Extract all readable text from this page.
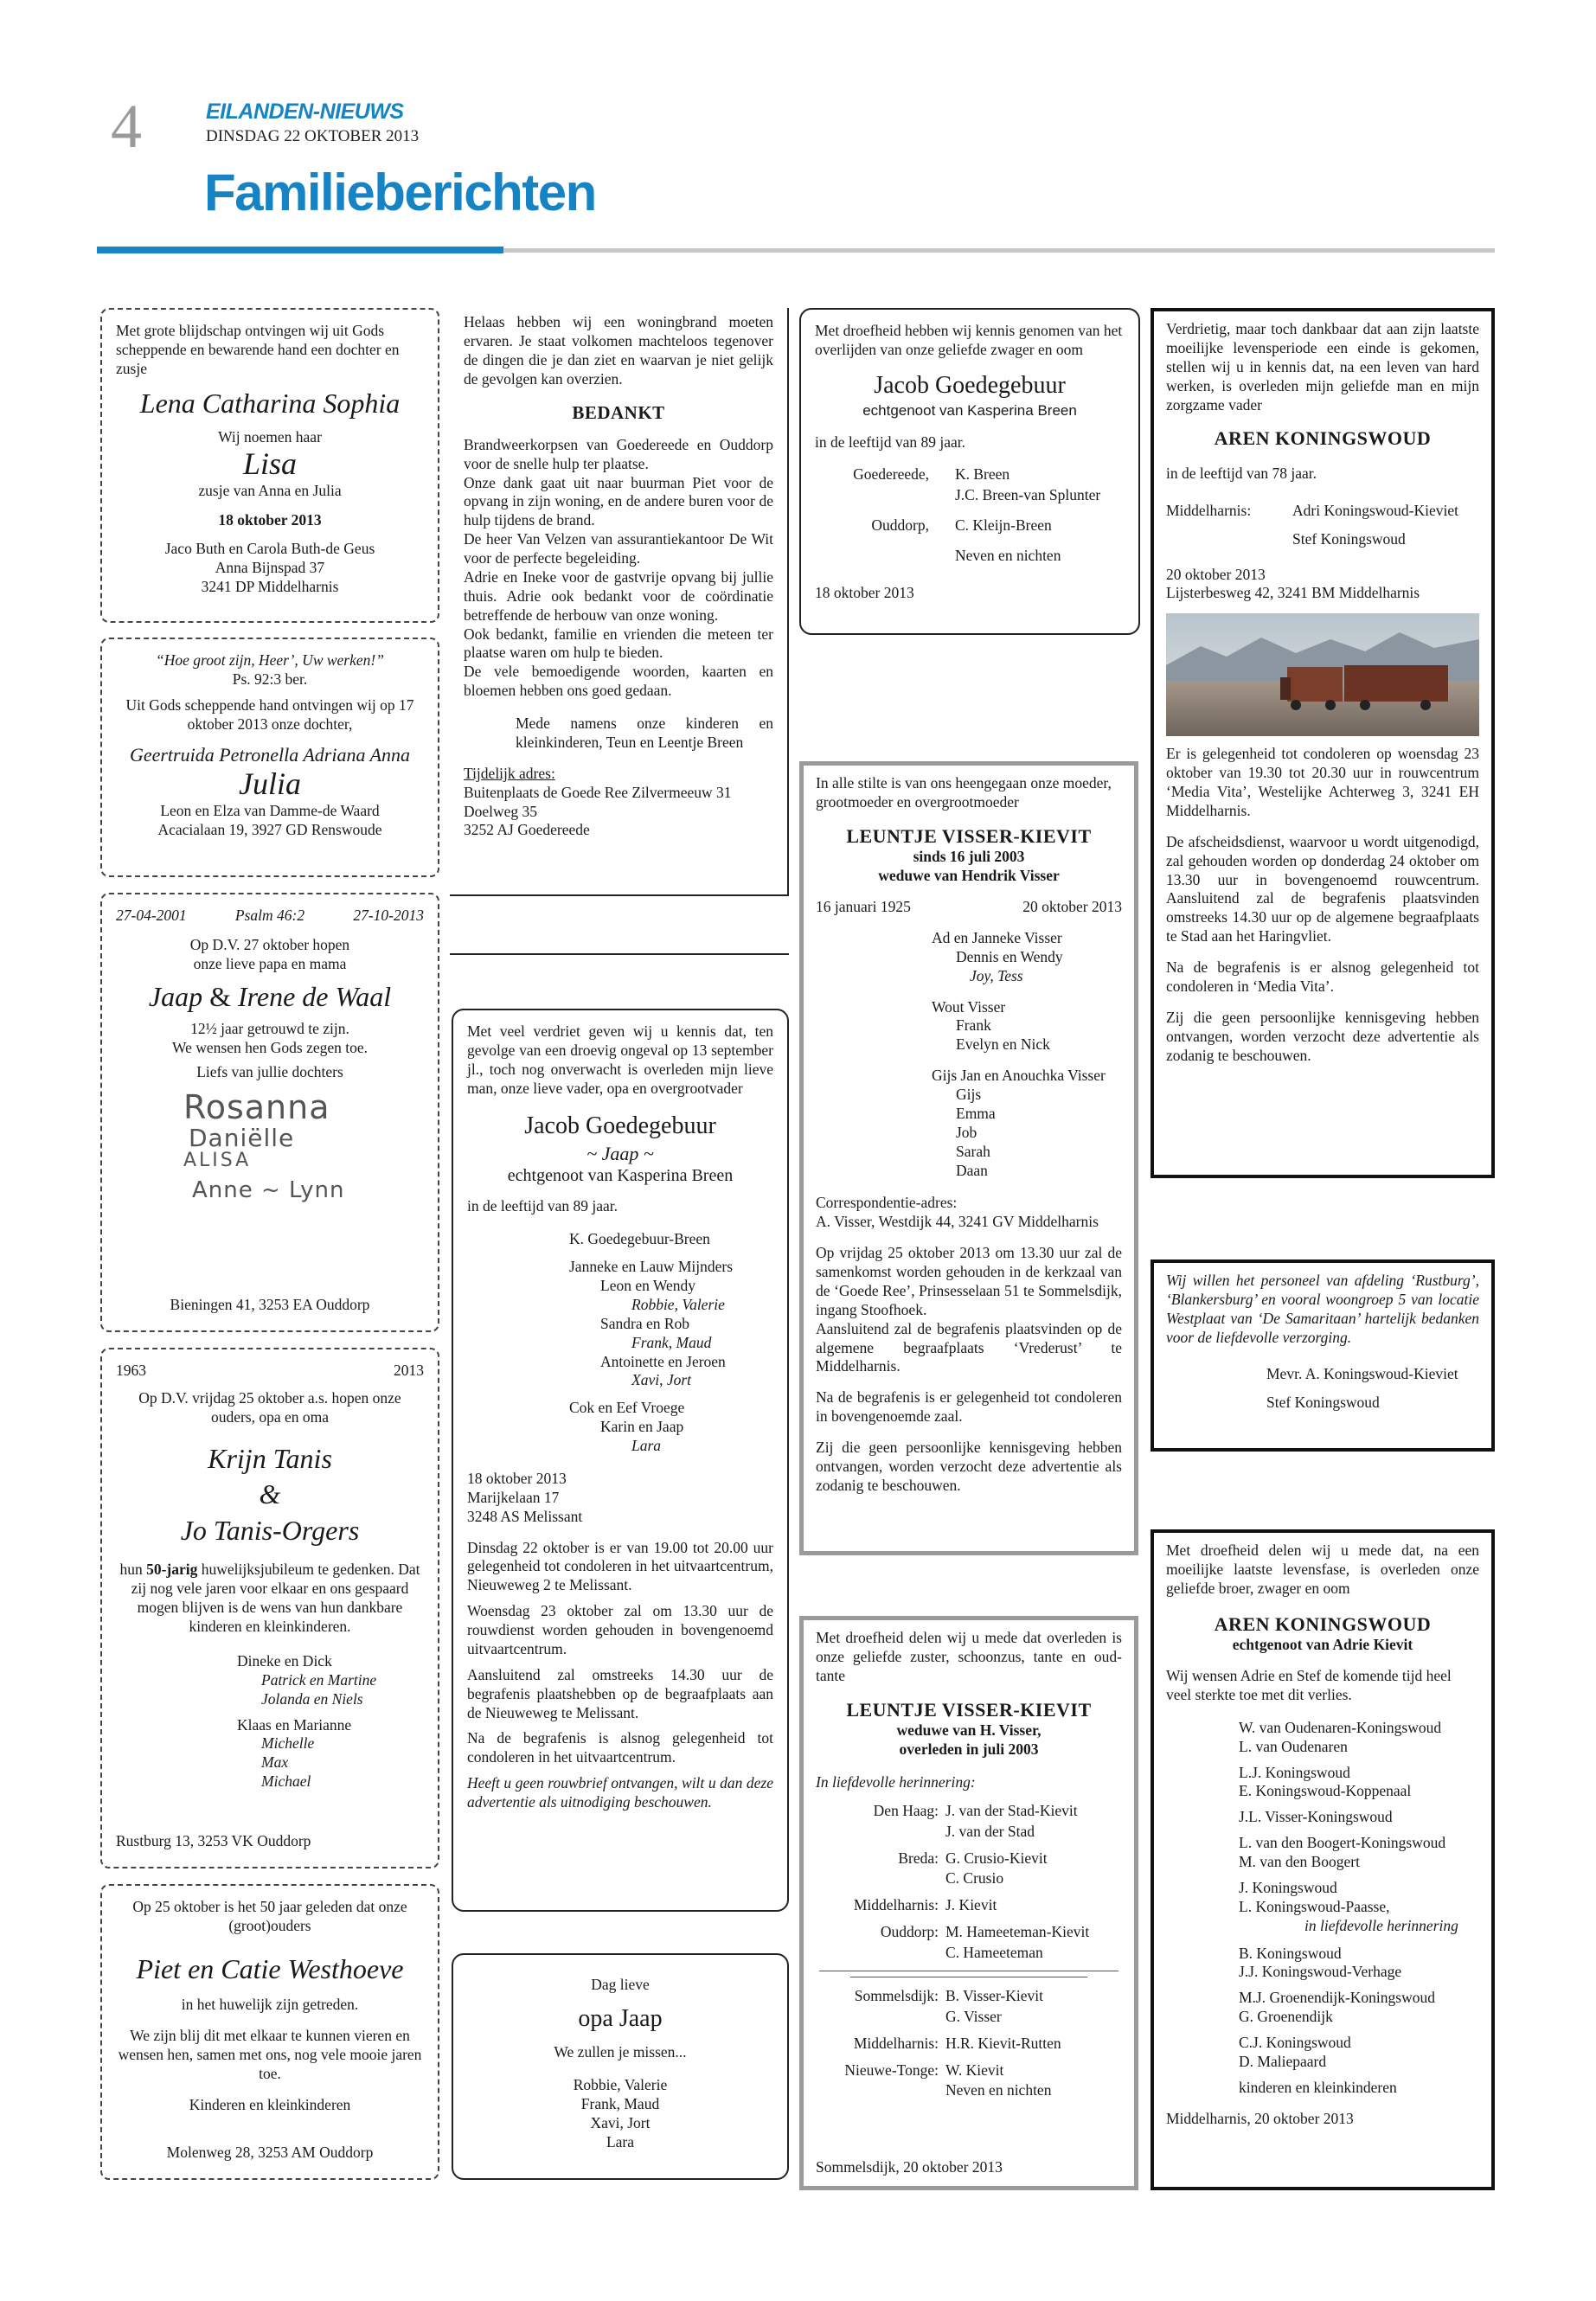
4	EILANDEN-NIEUWS
DINSDAG 22 OKTOBER 2013
Familieberichten
Met grote blijdschap ontvingen wij uit Gods scheppende en bewarende hand een dochter en zusje
Lena Catharina Sophia
Wij noemen haar
Lisa
zusje van Anna en Julia
18 oktober 2013
Jaco Buth en Carola Buth-de Geus
Anna Bijnspad 37
3241 DP Middelharnis
“Hoe groot zijn, Heer’, Uw werken!”
Ps. 92:3 ber.
Uit Gods scheppende hand ontvingen wij op 17 oktober 2013 onze dochter,
Geertruida Petronella Adriana Anna
Julia
Leon en Elza van Damme-de Waard
Acacialaan 19, 3927 GD Renswoude
27-04-2001	Psalm 46:2	27-10-2013
Op D.V. 27 oktober hopen
onze lieve papa en mama
Jaap & Irene de Waal
12½ jaar getrouwd te zijn.
We wensen hen Gods zegen toe.
Liefs van jullie dochters
Rosanna
Daniëlle
ALISA
Anne ~ Lynn
Bieningen 41, 3253 EA Ouddorp
1963	2013
Op D.V. vrijdag 25 oktober a.s. hopen onze ouders, opa en oma
Krijn Tanis
&
Jo Tanis-Orgers
hun 50-jarig huwelijksjubileum te gedenken. Dat zij nog vele jaren voor elkaar en ons gespaard mogen blijven is de wens van hun dankbare kinderen en kleinkinderen.
Dineke en Dick
Patrick en Martine
Jolanda en Niels
Klaas en Marianne
Michelle
Max
Michael
Rustburg 13, 3253 VK Ouddorp
Op 25 oktober is het 50 jaar geleden dat onze (groot)ouders
Piet en Catie Westhoeve
in het huwelijk zijn getreden.
We zijn blij dit met elkaar te kunnen vieren en wensen hen, samen met ons, nog vele mooie jaren toe.
Kinderen en kleinkinderen
Molenweg 28, 3253 AM Ouddorp
Helaas hebben wij een woningbrand moeten ervaren. Je staat volkomen machteloos tegenover de dingen die je dan ziet en waarvan je niet gelijk de gevolgen kan overzien.
BEDANKT
Brandweerkorpsen van Goedereede en Ouddorp voor de snelle hulp ter plaatse.
Onze dank gaat uit naar buurman Piet voor de opvang in zijn woning, en de andere buren voor de hulp tijdens de brand.
De heer Van Velzen van assurantiekantoor De Wit voor de perfecte begeleiding.
Adrie en Ineke voor de gastvrije opvang bij jullie thuis. Adrie ook bedankt voor de coördinatie betreffende de herbouw van onze woning.
Ook bedankt, familie en vrienden die meteen ter plaatse waren om hulp te bieden.
De vele bemoedigende woorden, kaarten en bloemen hebben ons goed gedaan.
Mede namens onze kinderen en kleinkinderen, Teun en Leentje Breen
Tijdelijk adres:
Buitenplaats de Goede Ree Zilvermeeuw 31
Doelweg 35
3252 AJ Goedereede
Met veel verdriet geven wij u kennis dat, ten gevolge van een droevig ongeval op 13 september jl., toch nog onverwacht is overleden mijn lieve man, onze lieve vader, opa en overgrootvader
Jacob Goedegebuur
~ Jaap ~
echtgenoot van Kasperina Breen
in de leeftijd van 89 jaar.
K. Goedegebuur-Breen
Janneke en Lauw Mijnders
Leon en Wendy
Robbie, Valerie
Sandra en Rob
Frank, Maud
Antoinette en Jeroen
Xavi, Jort
Cok en Eef Vroege
Karin en Jaap
Lara
18 oktober 2013
Marijkelaan 17
3248 AS Melissant
Dinsdag 22 oktober is er van 19.00 tot 20.00 uur gelegenheid tot condoleren in het uitvaartcentrum, Nieuweweg 2 te Melissant.
Woensdag 23 oktober zal om 13.30 uur de rouwdienst worden gehouden in bovengenoemd uitvaartcentrum.
Aansluitend zal omstreeks 14.30 uur de begrafenis plaatshebben op de begraafplaats aan de Nieuweweg te Melissant.
Na de begrafenis is alsnog gelegenheid tot condoleren in het uitvaartcentrum.
Heeft u geen rouwbrief ontvangen, wilt u dan deze advertentie als uitnodiging beschouwen.
Dag lieve
opa Jaap
We zullen je missen...
Robbie, Valerie
Frank, Maud
Xavi, Jort
Lara
Met droefheid hebben wij kennis genomen van het overlijden van onze geliefde zwager en oom
Jacob Goedegebuur
echtgenoot van Kasperina Breen
in de leeftijd van 89 jaar.
Goedereede,	K. Breen
	J.C. Breen-van Splunter
Ouddorp,	C. Kleijn-Breen
	Neven en nichten
18 oktober 2013
In alle stilte is van ons heengegaan onze moeder, grootmoeder en overgrootmoeder
LEUNTJE VISSER-KIEVIT
sinds 16 juli 2003
weduwe van Hendrik Visser
16 januari 1925	20 oktober 2013
Ad en Janneke Visser
Dennis en Wendy
Joy, Tess
Wout Visser
Frank
Evelyn en Nick
Gijs Jan en Anouchka Visser
Gijs
Emma
Job
Sarah
Daan
Correspondentie-adres:
A. Visser, Westdijk 44, 3241 GV Middelharnis
Op vrijdag 25 oktober 2013 om 13.30 uur zal de samenkomst worden gehouden in de kerkzaal van de ‘Goede Ree’, Prinsesselaan 51 te Sommelsdijk, ingang Stoofhoek.
Aansluitend zal de begrafenis plaatsvinden op de algemene begraafplaats ‘Vrederust’ te Middelharnis.
Na de begrafenis is er gelegenheid tot condoleren in bovengenoemde zaal.
Zij die geen persoonlijke kennisgeving hebben ontvangen, worden verzocht deze advertentie als zodanig te beschouwen.
Met droefheid delen wij u mede dat overleden is onze geliefde zuster, schoonzus, tante en oud-tante
LEUNTJE VISSER-KIEVIT
weduwe van H. Visser,
overleden in juli 2003
In liefdevolle herinnering:
Den Haag:	J. van der Stad-Kievit
	J. van der Stad
Breda:	G. Crusio-Kievit
	C. Crusio
Middelharnis:	J. Kievit
Ouddorp:	M. Hameeteman-Kievit
	C. Hameeteman
Sommelsdijk:	B. Visser-Kievit
	G. Visser
Middelharnis:	H.R. Kievit-Rutten
Nieuwe-Tonge:	W. Kievit
	Neven en nichten
Sommelsdijk, 20 oktober 2013
Verdrietig, maar toch dankbaar dat aan zijn laatste moeilijke levensperiode een einde is gekomen, stellen wij u in kennis dat, na een leven van hard werken, is overleden mijn geliefde man en mijn zorgzame vader
AREN KONINGSWOUD
in de leeftijd van 78 jaar.
Middelharnis:	Adri Koningswoud-Kieviet
	Stef Koningswoud
20 oktober 2013
Lijsterbesweg 42, 3241 BM Middelharnis
Er is gelegenheid tot condoleren op woensdag 23 oktober van 19.30 tot 20.30 uur in rouwcentrum ‘Media Vita’, Westelijke Achterweg 3, 3241 EH Middelharnis.
De afscheidsdienst, waarvoor u wordt uitgenodigd, zal gehouden worden op donderdag 24 oktober om 13.30 uur in bovengenoemd rouwcentrum. Aansluitend zal de begrafenis plaatsvinden omstreeks 14.30 uur op de algemene begraafplaats te Stad aan het Haringvliet.
Na de begrafenis is er alsnog gelegenheid tot condoleren in ‘Media Vita’.
Zij die geen persoonlijke kennisgeving hebben ontvangen, worden verzocht deze advertentie als zodanig te beschouwen.
Wij willen het personeel van afdeling ‘Rustburg’, ‘Blankersburg’ en vooral woongroep 5 van locatie Westplaat van ‘De Samaritaan’ hartelijk bedanken voor de liefdevolle verzorging.
Mevr. A. Koningswoud-Kieviet
Stef Koningswoud
Met droefheid delen wij u mede dat, na een moeilijke laatste levensfase, is overleden onze geliefde broer, zwager en oom
AREN KONINGSWOUD
echtgenoot van Adrie Kievit
Wij wensen Adrie en Stef de komende tijd heel veel sterkte toe met dit verlies.
W. van Oudenaren-Koningswoud
L. van Oudenaren
L.J. Koningswoud
E. Koningswoud-Koppenaal
J.L. Visser-Koningswoud
L. van den Boogert-Koningswoud
M. van den Boogert
J. Koningswoud
L. Koningswoud-Paasse,
in liefdevolle herinnering
B. Koningswoud
J.J. Koningswoud-Verhage
M.J. Groenendijk-Koningswoud
G. Groenendijk
C.J. Koningswoud
D. Maliepaard
kinderen en kleinkinderen
Middelharnis, 20 oktober 2013
